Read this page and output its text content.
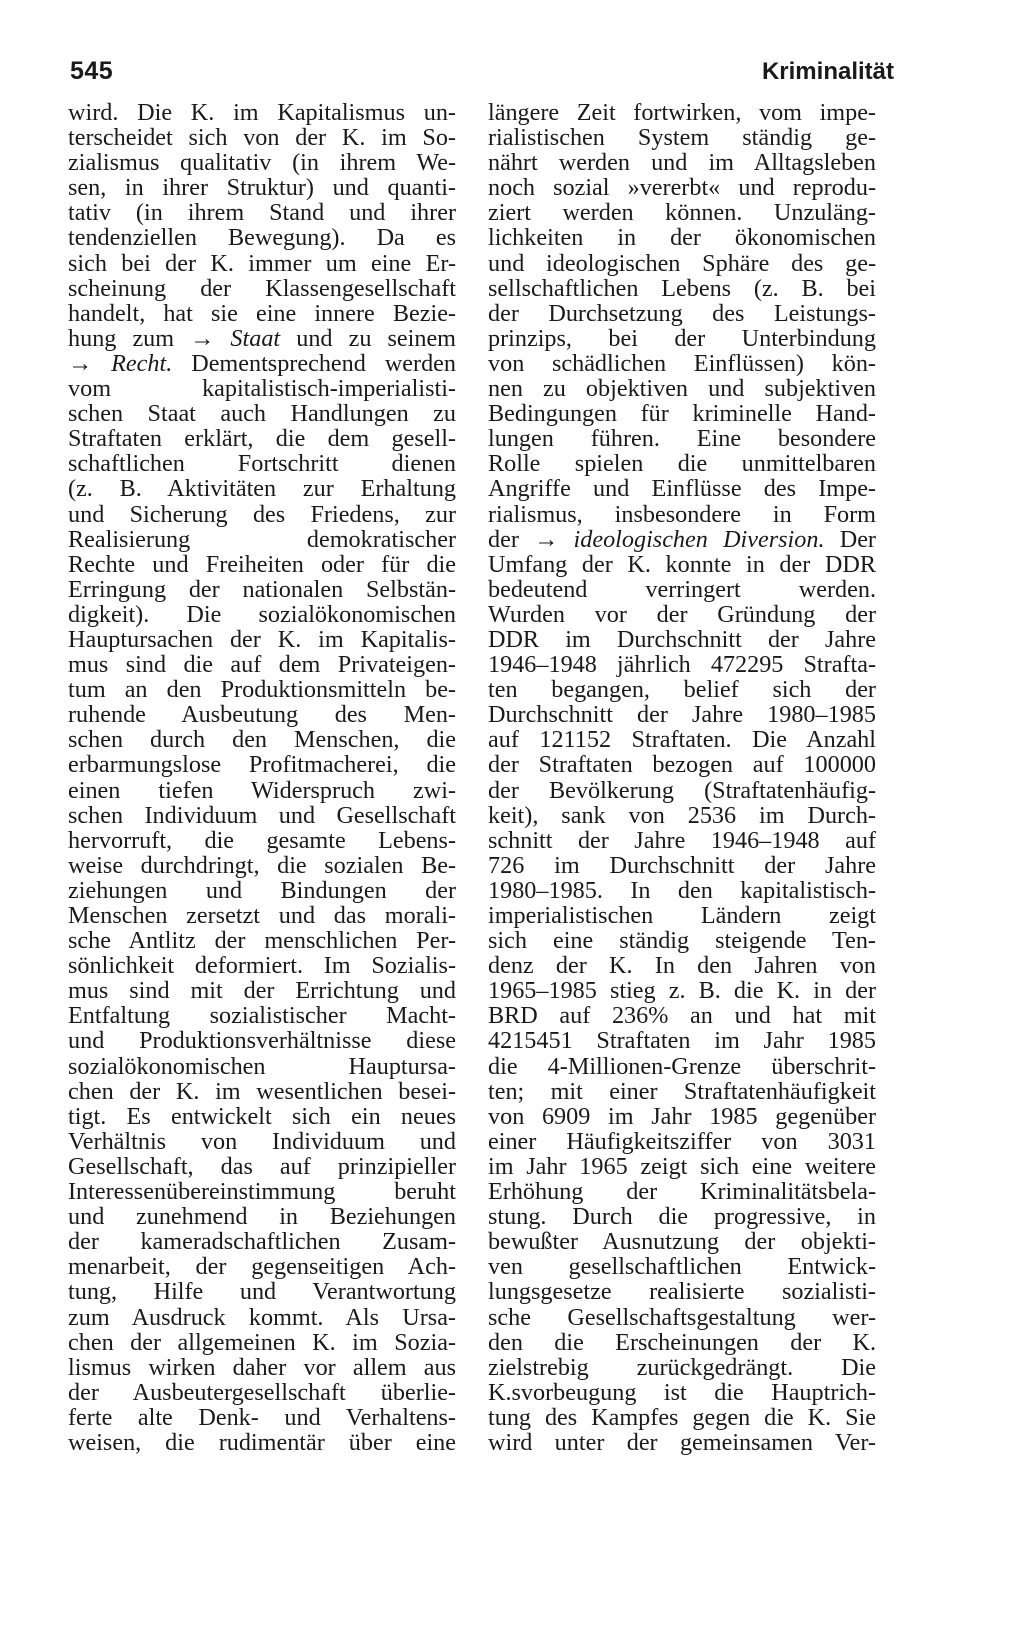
545	Kriminalität
wird. Die K. im Kapitalismus un-
terscheidet sich von der K. im So-
zialismus qualitativ (in ihrem We-
sen, in ihrer Struktur) und quanti-
tativ (in ihrem Stand und ihrer
tendenziellen Bewegung). Da es
sich bei der K. immer um eine Er-
scheinung der Klassengesellschaft
handelt, hat sie eine innere Bezie-
hung zum → Staat und zu seinem
→ Recht. Dementsprechend werden
vom kapitalistisch-imperialisti-
schen Staat auch Handlungen zu
Straftaten erklärt, die dem gesell-
schaftlichen Fortschritt dienen
(z. B. Aktivitäten zur Erhaltung
und Sicherung des Friedens, zur
Realisierung demokratischer
Rechte und Freiheiten oder für die
Erringung der nationalen Selbstän-
digkeit). Die sozialökonomischen
Hauptursachen der K. im Kapitalis-
mus sind die auf dem Privateigen-
tum an den Produktionsmitteln be-
ruhende Ausbeutung des Men-
schen durch den Menschen, die
erbarmungslose Profitmacherei, die
einen tiefen Widerspruch zwi-
schen Individuum und Gesellschaft
hervorruft, die gesamte Lebens-
weise durchdringt, die sozialen Be-
ziehungen und Bindungen der
Menschen zersetzt und das morali-
sche Antlitz der menschlichen Per-
sönlichkeit deformiert. Im Sozialis-
mus sind mit der Errichtung und
Entfaltung sozialistischer Macht-
und Produktionsverhältnisse diese
sozialökonomischen Hauptursa-
chen der K. im wesentlichen besei-
tigt. Es entwickelt sich ein neues
Verhältnis von Individuum und
Gesellschaft, das auf prinzipieller
Interessenübereinstimmung beruht
und zunehmend in Beziehungen
der kameradschaftlichen Zusam-
menarbeit, der gegenseitigen Ach-
tung, Hilfe und Verantwortung
zum Ausdruck kommt. Als Ursa-
chen der allgemeinen K. im Sozia-
lismus wirken daher vor allem aus
der Ausbeutergesellschaft überlie-
ferte alte Denk- und Verhaltens-
weisen, die rudimentär über eine
längere Zeit fortwirken, vom impe-
rialistischen System ständig ge-
nährt werden und im Alltagsleben
noch sozial »vererbt« und reprodu-
ziert werden können. Unzuläng-
lichkeiten in der ökonomischen
und ideologischen Sphäre des ge-
sellschaftlichen Lebens (z. B. bei
der Durchsetzung des Leistungs-
prinzips, bei der Unterbindung
von schädlichen Einflüssen) kön-
nen zu objektiven und subjektiven
Bedingungen für kriminelle Hand-
lungen führen. Eine besondere
Rolle spielen die unmittelbaren
Angriffe und Einflüsse des Impe-
rialismus, insbesondere in Form
der → ideologischen Diversion. Der
Umfang der K. konnte in der DDR
bedeutend verringert werden.
Wurden vor der Gründung der
DDR im Durchschnitt der Jahre
1946–1948 jährlich 472295 Strafta-
ten begangen, belief sich der
Durchschnitt der Jahre 1980–1985
auf 121152 Straftaten. Die Anzahl
der Straftaten bezogen auf 100000
der Bevölkerung (Straftatenhäufig-
keit), sank von 2536 im Durch-
schnitt der Jahre 1946–1948 auf
726 im Durchschnitt der Jahre
1980–1985. In den kapitalistisch-
imperialistischen Ländern zeigt
sich eine ständig steigende Ten-
denz der K. In den Jahren von
1965–1985 stieg z. B. die K. in der
BRD auf 236% an und hat mit
4215451 Straftaten im Jahr 1985
die 4-Millionen-Grenze überschrit-
ten; mit einer Straftatenhäufigkeit
von 6909 im Jahr 1985 gegenüber
einer Häufigkeitsziffer von 3031
im Jahr 1965 zeigt sich eine weitere
Erhöhung der Kriminalitätsbela-
stung. Durch die progressive, in
bewußter Ausnutzung der objekti-
ven gesellschaftlichen Entwick-
lungsgesetze realisierte sozialisti-
sche Gesellschaftsgestaltung wer-
den die Erscheinungen der K.
zielstrebig zurückgedrängt. Die
K.svorbeugung ist die Hauptrich-
tung des Kampfes gegen die K. Sie
wird unter der gemeinsamen Ver-
